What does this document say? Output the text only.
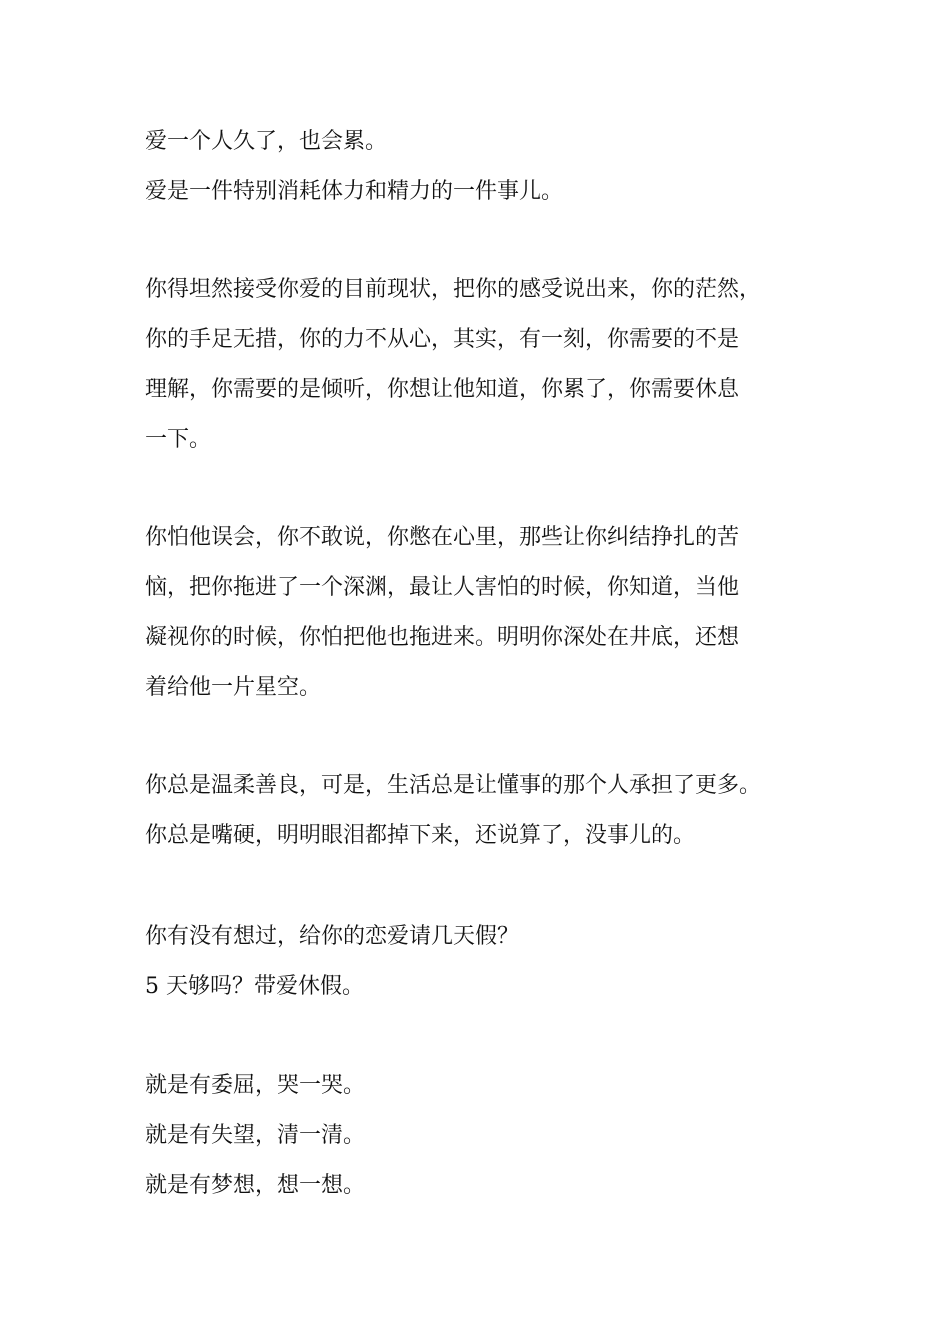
爱一个人久了，也会累。
爱是一件特别消耗体力和精力的一件事儿。
你得坦然接受你爱的目前现状，把你的感受说出来，你的茫然，
你的手足无措，你的力不从心，其实，有一刻，你需要的不是
理解，你需要的是倾听，你想让他知道，你累了，你需要休息
一下。
你怕他误会，你不敢说，你憋在心里，那些让你纠结挣扎的苦
恼，把你拖进了一个深渊，最让人害怕的时候，你知道，当他
凝视你的时候，你怕把他也拖进来。明明你深处在井底，还想
着给他一片星空。
你总是温柔善良，可是，生活总是让懂事的那个人承担了更多。
你总是嘴硬，明明眼泪都掉下来，还说算了，没事儿的。
你有没有想过，给你的恋爱请几天假？
5 天够吗？带爱休假。
就是有委屈，哭一哭。
就是有失望，清一清。
就是有梦想，想一想。
